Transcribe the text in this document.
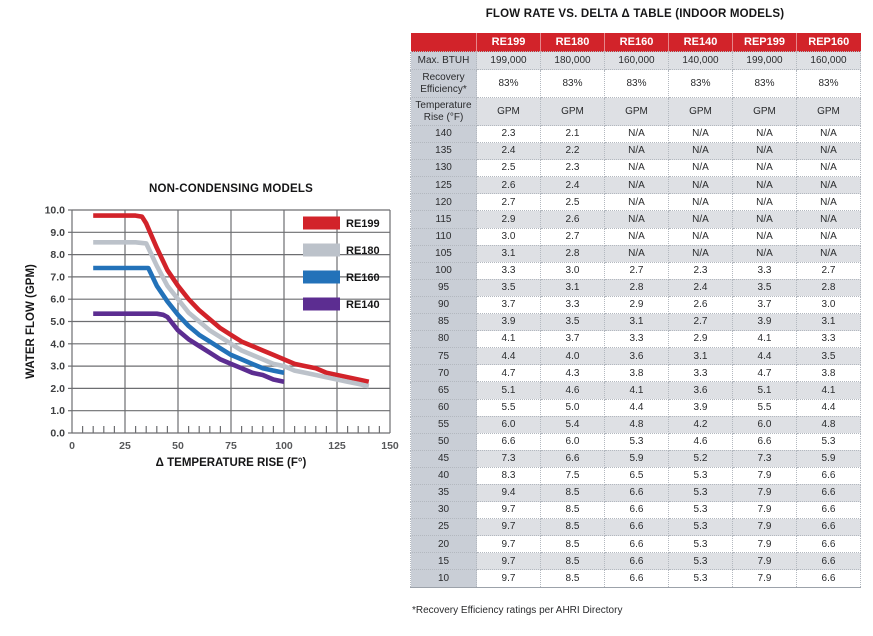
NON-CONDENSING MODELS
0.0
1.0
2.0
3.0
4.0
5.0
6.0
7.0
8.0
9.0
10.0
0	25	50	75	100	125	150
RE199
RE180
RE160
RE140
Δ TEMPERATURE RISE (F°)
WATER FLOW (GPM)
FLOW RATE VS. DELTA Δ TABLE (INDOOR MODELS)
	RE199	RE180	RE160	RE140	REP199	REP160
Max. BTUH	199,000	180,000	160,000	140,000	199,000	160,000
Recovery Efficiency*	83%	83%	83%	83%	83%	83%
Temperature Rise (°F)	GPM	GPM	GPM	GPM	GPM	GPM
140	2.3	2.1	N/A	N/A	N/A	N/A
135	2.4	2.2	N/A	N/A	N/A	N/A
130	2.5	2.3	N/A	N/A	N/A	N/A
125	2.6	2.4	N/A	N/A	N/A	N/A
120	2.7	2.5	N/A	N/A	N/A	N/A
115	2.9	2.6	N/A	N/A	N/A	N/A
110	3.0	2.7	N/A	N/A	N/A	N/A
105	3.1	2.8	N/A	N/A	N/A	N/A
100	3.3	3.0	2.7	2.3	3.3	2.7
95	3.5	3.1	2.8	2.4	3.5	2.8
90	3.7	3.3	2.9	2.6	3.7	3.0
85	3.9	3.5	3.1	2.7	3.9	3.1
80	4.1	3.7	3.3	2.9	4.1	3.3
75	4.4	4.0	3.6	3.1	4.4	3.5
70	4.7	4.3	3.8	3.3	4.7	3.8
65	5.1	4.6	4.1	3.6	5.1	4.1
60	5.5	5.0	4.4	3.9	5.5	4.4
55	6.0	5.4	4.8	4.2	6.0	4.8
50	6.6	6.0	5.3	4.6	6.6	5.3
45	7.3	6.6	5.9	5.2	7.3	5.9
40	8.3	7.5	6.5	5.3	7.9	6.6
35	9.4	8.5	6.6	5.3	7.9	6.6
30	9.7	8.5	6.6	5.3	7.9	6.6
25	9.7	8.5	6.6	5.3	7.9	6.6
20	9.7	8.5	6.6	5.3	7.9	6.6
15	9.7	8.5	6.6	5.3	7.9	6.6
10	9.7	8.5	6.6	5.3	7.9	6.6

*Recovery Efficiency ratings per AHRI Directory
